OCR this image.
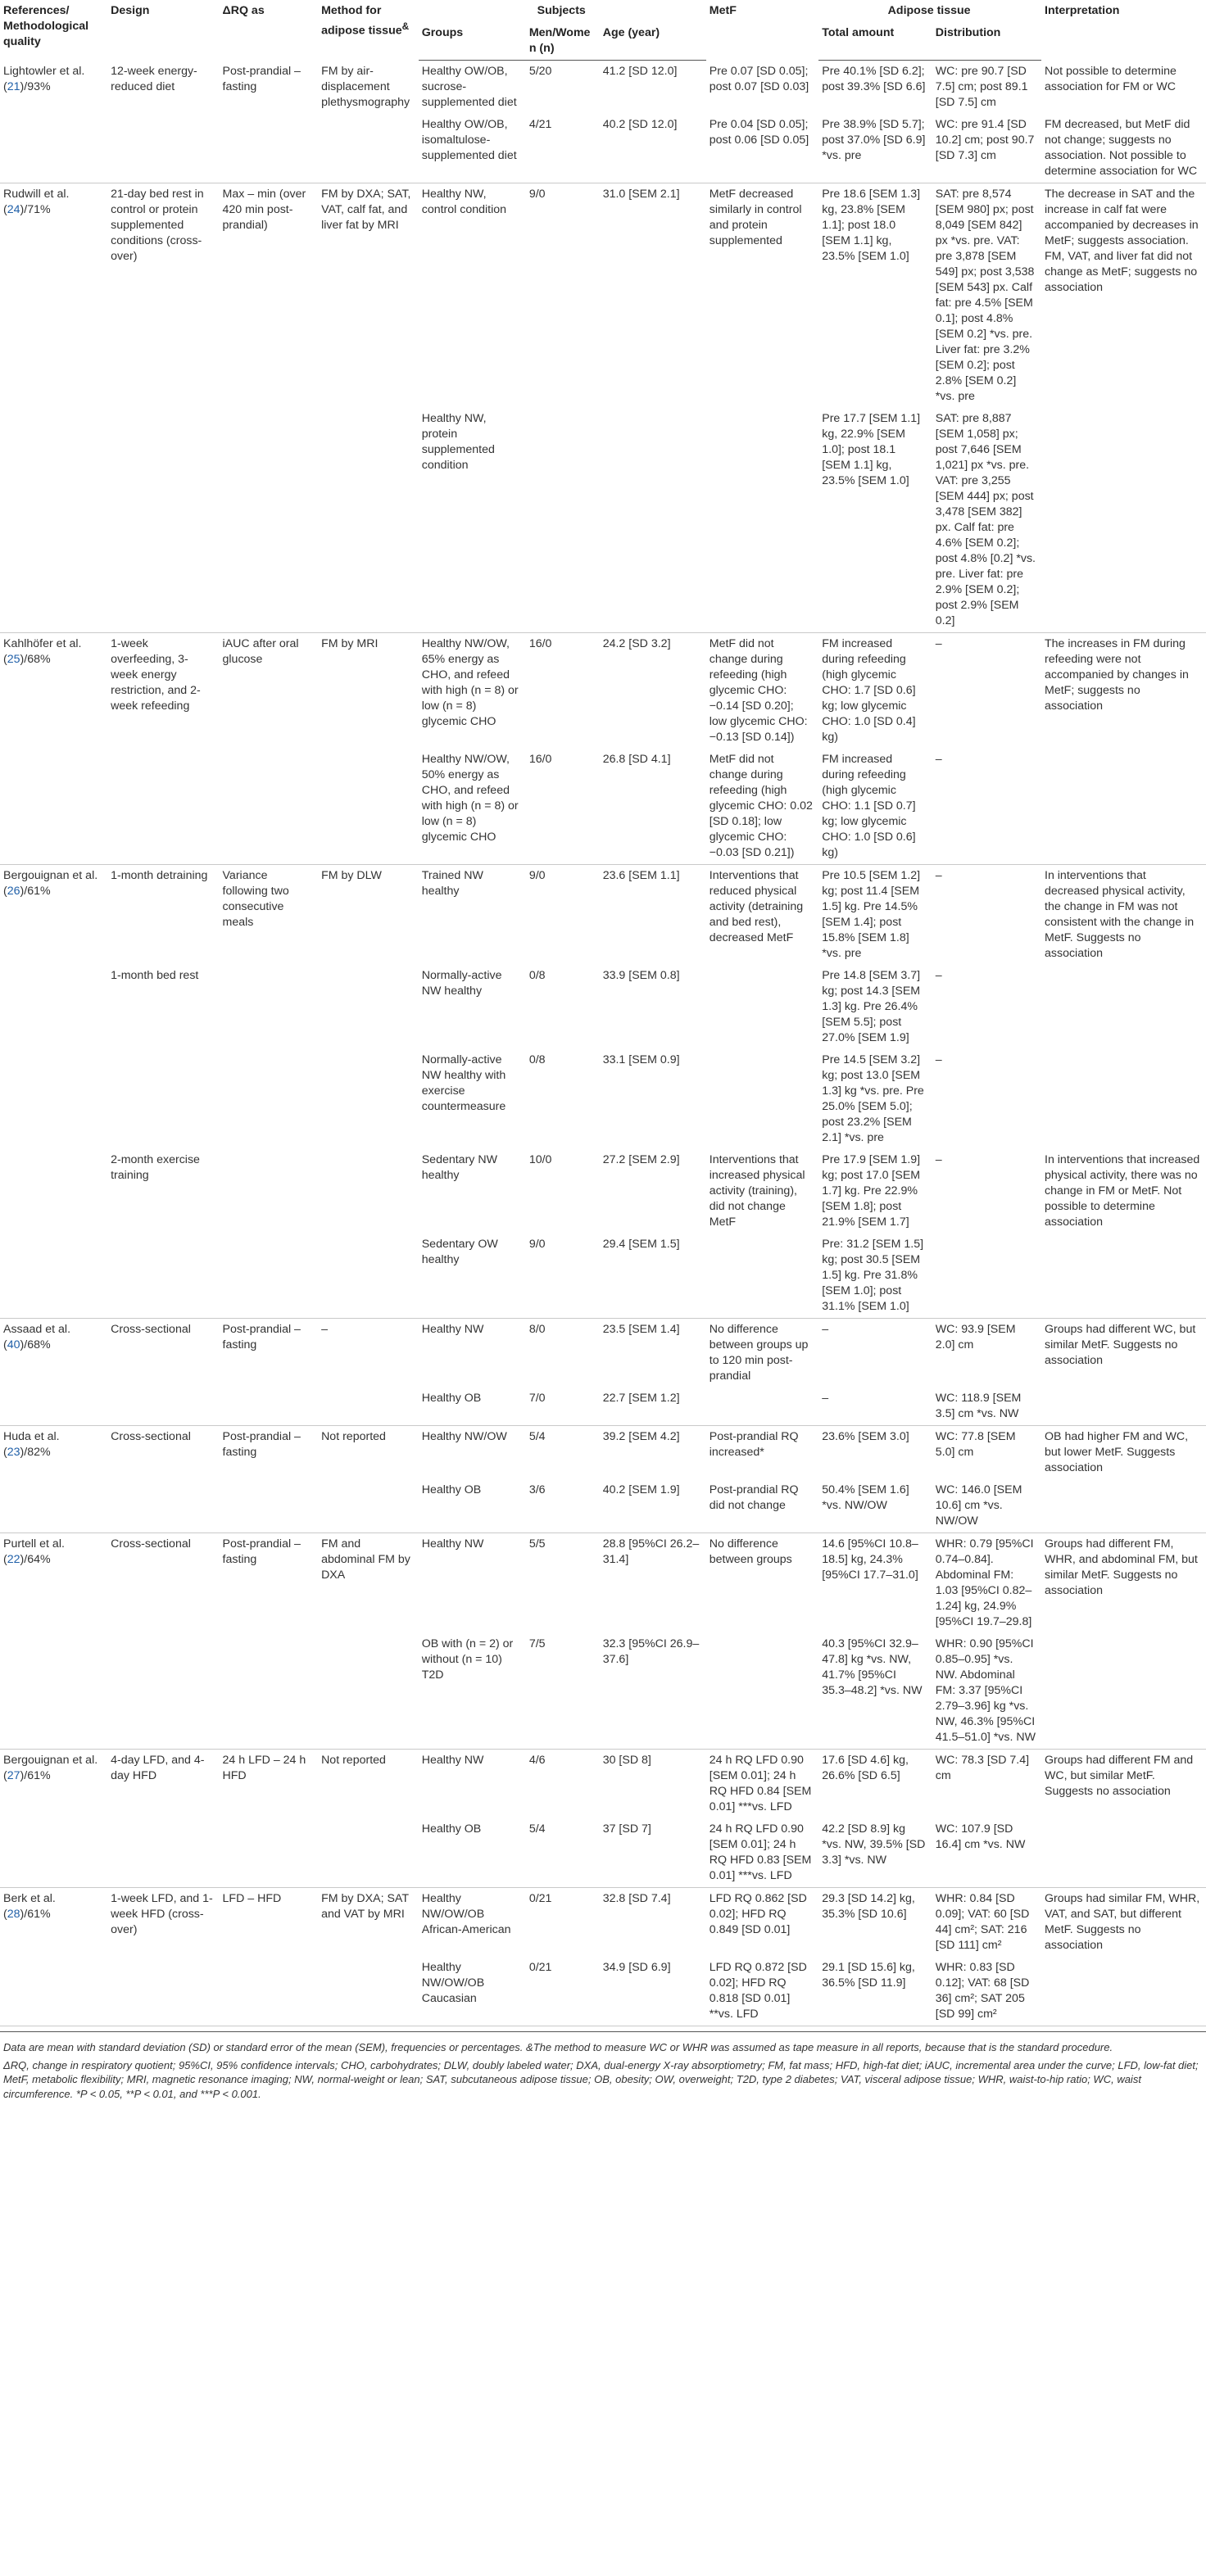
References/ Methodological quality	Design	ΔRQ as	Method for adipose tissue&	Subjects			MetF	Adipose tissue		Interpretation
				Groups	Men/Women (n)	Age (year)		Total amount	Distribution	
Lightowler et al. (21)/93%	12-week energy-reduced diet	Post-prandial – fasting	FM by air-displacement plethysmography	Healthy OW/OB, sucrose-supplemented diet	5/20	41.2 [SD 12.0]	Pre 0.07 [SD 0.05]; post 0.07 [SD 0.03]	Pre 40.1% [SD 6.2]; post 39.3% [SD 6.6]	WC: pre 90.7 [SD 7.5] cm; post 89.1 [SD 7.5] cm	Not possible to determine association for FM or WC
				Healthy OW/OB, isomaltulose-supplemented diet	4/21	40.2 [SD 12.0]	Pre 0.04 [SD 0.05]; post 0.06 [SD 0.05]	Pre 38.9% [SD 5.7]; post 37.0% [SD 6.9] *vs. pre	WC: pre 91.4 [SD 10.2] cm; post 90.7 [SD 7.3] cm	FM decreased, but MetF did not change; suggests no association. Not possible to determine association for WC
Rudwill et al. (24)/71%	21-day bed rest in control or protein supplemented conditions (cross-over)	Max – min (over 420 min post-prandial)	FM by DXA; SAT, VAT, calf fat, and liver fat by MRI	Healthy NW, control condition	9/0	31.0 [SEM 2.1]	MetF decreased similarly in control and protein supplemented	Pre 18.6 [SEM 1.3] kg, 23.8% [SEM 1.1]; post 18.0 [SEM 1.1] kg, 23.5% [SEM 1.0]	SAT: pre 8,574 [SEM 980] px; post 8,049 [SEM 842] px *vs. pre. VAT: pre 3,878 [SEM 549] px; post 3,538 [SEM 543] px. Calf fat: pre 4.5% [SEM 0.1]; post 4.8% [SEM 0.2] *vs. pre. Liver fat: pre 3.2% [SEM 0.2]; post 2.8% [SEM 0.2] *vs. pre	The decrease in SAT and the increase in calf fat were accompanied by decreases in MetF; suggests association. FM, VAT, and liver fat did not change as MetF; suggests no association
				Healthy NW, protein supplemented condition				Pre 17.7 [SEM 1.1] kg, 22.9% [SEM 1.0]; post 18.1 [SEM 1.1] kg, 23.5% [SEM 1.0]	SAT: pre 8,887 [SEM 1,058] px; post 7,646 [SEM 1,021] px *vs. pre. VAT: pre 3,255 [SEM 444] px; post 3,478 [SEM 382] px. Calf fat: pre 4.6% [SEM 0.2]; post 4.8% [0.2] *vs. pre. Liver fat: pre 2.9% [SEM 0.2]; post 2.9% [SEM 0.2]	
Kahlhöfer et al. (25)/68%	1-week overfeeding, 3-week energy restriction, and 2-week refeeding	iAUC after oral glucose	FM by MRI	Healthy NW/OW, 65% energy as CHO, and refeed with high (n = 8) or low (n = 8) glycemic CHO	16/0	24.2 [SD 3.2]	MetF did not change during refeeding (high glycemic CHO: −0.14 [SD 0.20]; low glycemic CHO: −0.13 [SD 0.14])	FM increased during refeeding (high glycemic CHO: 1.7 [SD 0.6] kg; low glycemic CHO: 1.0 [SD 0.4] kg)	–	The increases in FM during refeeding were not accompanied by changes in MetF; suggests no association
				Healthy NW/OW, 50% energy as CHO, and refeed with high (n = 8) or low (n = 8) glycemic CHO	16/0	26.8 [SD 4.1]	MetF did not change during refeeding (high glycemic CHO: 0.02 [SD 0.18]; low glycemic CHO: −0.03 [SD 0.21])	FM increased during refeeding (high glycemic CHO: 1.1 [SD 0.7] kg; low glycemic CHO: 1.0 [SD 0.6] kg)	–	
Bergouignan et al. (26)/61%	1-month detraining	Variance following two consecutive meals	FM by DLW	Trained NW healthy	9/0	23.6 [SEM 1.1]	Interventions that reduced physical activity (detraining and bed rest), decreased MetF	Pre 10.5 [SEM 1.2] kg; post 11.4 [SEM 1.5] kg. Pre 14.5% [SEM 1.4]; post 15.8% [SEM 1.8] *vs. pre	–	In interventions that decreased physical activity, the change in FM was not consistent with the change in MetF. Suggests no association
	1-month bed rest			Normally-active NW healthy	0/8	33.9 [SEM 0.8]		Pre 14.8 [SEM 3.7] kg; post 14.3 [SEM 1.3] kg. Pre 26.4% [SEM 5.5]; post 27.0% [SEM 1.9]	–	
				Normally-active NW healthy with exercise countermeasure	0/8	33.1 [SEM 0.9]		Pre 14.5 [SEM 3.2] kg; post 13.0 [SEM 1.3] kg *vs. pre. Pre 25.0% [SEM 5.0]; post 23.2% [SEM 2.1] *vs. pre	–	
	2-month exercise training			Sedentary NW healthy	10/0	27.2 [SEM 2.9]	Interventions that increased physical activity (training), did not change MetF	Pre 17.9 [SEM 1.9] kg; post 17.0 [SEM 1.7] kg. Pre 22.9% [SEM 1.8]; post 21.9% [SEM 1.7]	–	In interventions that increased physical activity, there was no change in FM or MetF. Not possible to determine association
				Sedentary OW healthy	9/0	29.4 [SEM 1.5]		Pre: 31.2 [SEM 1.5] kg; post 30.5 [SEM 1.5] kg. Pre 31.8% [SEM 1.0]; post 31.1% [SEM 1.0]		
Assaad et al. (40)/68%	Cross-sectional	Post-prandial – fasting	–	Healthy NW	8/0	23.5 [SEM 1.4]	No difference between groups up to 120 min post-prandial	–	WC: 93.9 [SEM 2.0] cm	Groups had different WC, but similar MetF. Suggests no association
				Healthy OB	7/0	22.7 [SEM 1.2]		–	WC: 118.9 [SEM 3.5] cm *vs. NW	
Huda et al. (23)/82%	Cross-sectional	Post-prandial – fasting	Not reported	Healthy NW/OW	5/4	39.2 [SEM 4.2]	Post-prandial RQ increased*	23.6% [SEM 3.0]	WC: 77.8 [SEM 5.0] cm	OB had higher FM and WC, but lower MetF. Suggests association
				Healthy OB	3/6	40.2 [SEM 1.9]	Post-prandial RQ did not change	50.4% [SEM 1.6] *vs. NW/OW	WC: 146.0 [SEM 10.6] cm *vs. NW/OW	
Purtell et al. (22)/64%	Cross-sectional	Post-prandial – fasting	FM and abdominal FM by DXA	Healthy NW	5/5	28.8 [95%CI 26.2–31.4]	No difference between groups	14.6 [95%CI 10.8–18.5] kg, 24.3% [95%CI 17.7–31.0]	WHR: 0.79 [95%CI 0.74–0.84]. Abdominal FM: 1.03 [95%CI 0.82–1.24] kg, 24.9% [95%CI 19.7–29.8]	Groups had different FM, WHR, and abdominal FM, but similar MetF. Suggests no association
				OB with (n = 2) or without (n = 10) T2D	7/5	32.3 [95%CI 26.9–37.6]		40.3 [95%CI 32.9–47.8] kg *vs. NW, 41.7% [95%CI 35.3–48.2] *vs. NW	WHR: 0.90 [95%CI 0.85–0.95] *vs. NW. Abdominal FM: 3.37 [95%CI 2.79–3.96] kg *vs. NW, 46.3% [95%CI 41.5–51.0] *vs. NW	
Bergouignan et al. (27)/61%	4-day LFD, and 4-day HFD	24 h LFD – 24 h HFD	Not reported	Healthy NW	4/6	30 [SD 8]	24 h RQ LFD 0.90 [SEM 0.01]; 24 h RQ HFD 0.84 [SEM 0.01] ***vs. LFD	17.6 [SD 4.6] kg, 26.6% [SD 6.5]	WC: 78.3 [SD 7.4] cm	Groups had different FM and WC, but similar MetF. Suggests no association
				Healthy OB	5/4	37 [SD 7]	24 h RQ LFD 0.90 [SEM 0.01]; 24 h RQ HFD 0.83 [SEM 0.01] ***vs. LFD	42.2 [SD 8.9] kg *vs. NW, 39.5% [SD 3.3] *vs. NW	WC: 107.9 [SD 16.4] cm *vs. NW	
Berk et al. (28)/61%	1-week LFD, and 1-week HFD (cross-over)	LFD – HFD	FM by DXA; SAT and VAT by MRI	Healthy NW/OW/OB African-American	0/21	32.8 [SD 7.4]	LFD RQ 0.862 [SD 0.02]; HFD RQ 0.849 [SD 0.01]	29.3 [SD 14.2] kg, 35.3% [SD 10.6]	WHR: 0.84 [SD 0.09]; VAT: 60 [SD 44] cm²; SAT: 216 [SD 111] cm²	Groups had similar FM, WHR, VAT, and SAT, but different MetF. Suggests no association
				Healthy NW/OW/OB Caucasian	0/21	34.9 [SD 6.9]	LFD RQ 0.872 [SD 0.02]; HFD RQ 0.818 [SD 0.01] **vs. LFD	29.1 [SD 15.6] kg, 36.5% [SD 11.9]	WHR: 0.83 [SD 0.12]; VAT: 68 [SD 36] cm²; SAT 205 [SD 99] cm²	

Data are mean with standard deviation (SD) or standard error of the mean (SEM), frequencies or percentages. &The method to measure WC or WHR was assumed as tape measure in all reports, because that is the standard procedure.

ΔRQ, change in respiratory quotient; 95%CI, 95% confidence intervals; CHO, carbohydrates; DLW, doubly labeled water; DXA, dual-energy X-ray absorptiometry; FM, fat mass; HFD, high-fat diet; iAUC, incremental area under the curve; LFD, low-fat diet; MetF, metabolic flexibility; MRI, magnetic resonance imaging; NW, normal-weight or lean; SAT, subcutaneous adipose tissue; OB, obesity; OW, overweight; T2D, type 2 diabetes; VAT, visceral adipose tissue; WHR, waist-to-hip ratio; WC, waist circumference. *P < 0.05, **P < 0.01, and ***P < 0.001.
